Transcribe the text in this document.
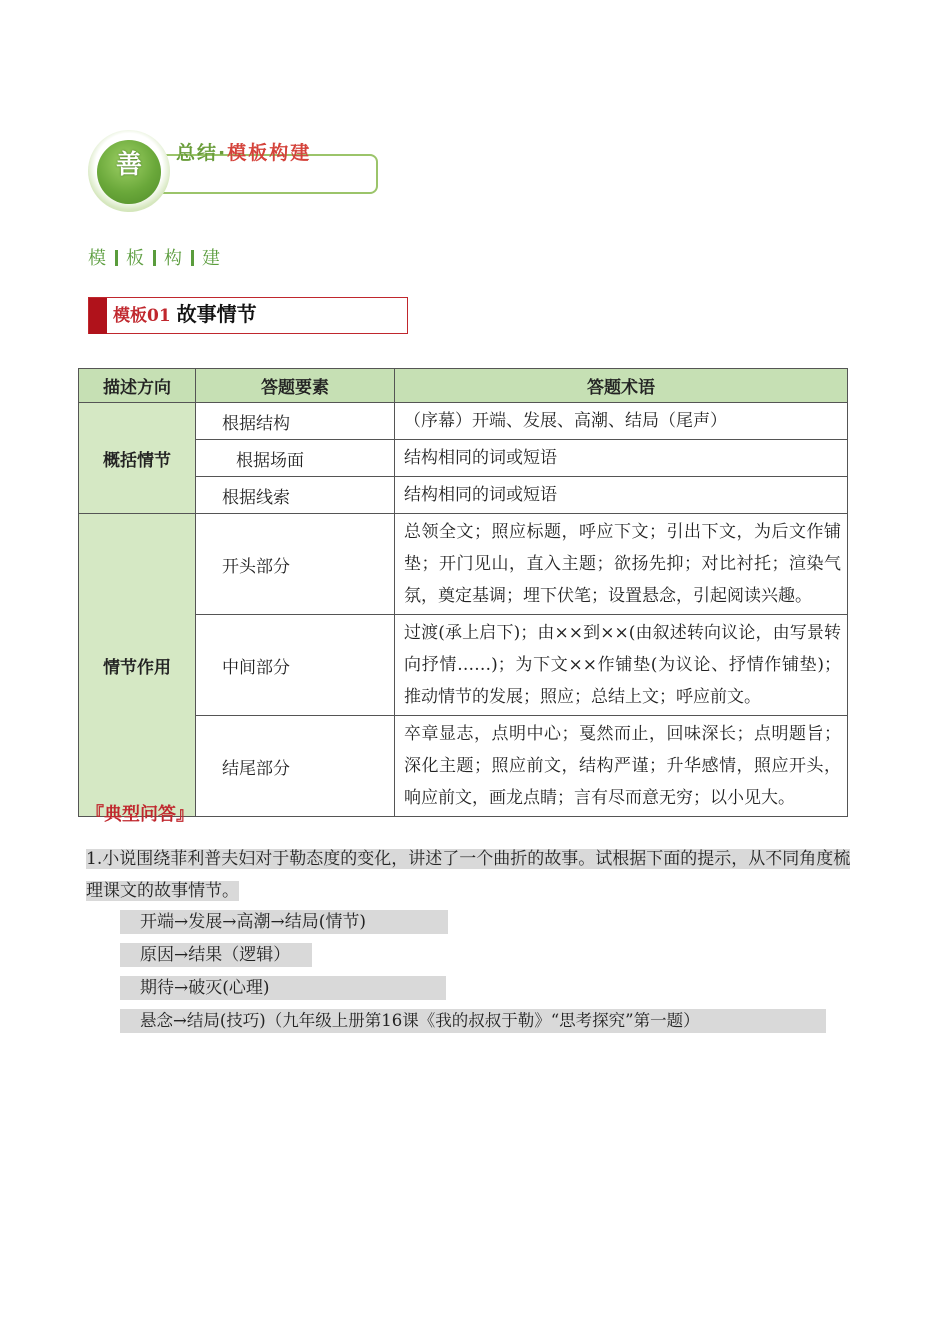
善 总结·模板构建
模 板 构 建
模板01 故事情节
描述方向	答题要素	答题术语
概括情节	根据结构	（序幕）开端、发展、高潮、结局（尾声）
	根据场面	结构相同的词或短语
	根据线索	结构相同的词或短语
情节作用	开头部分	总领全文；照应标题，呼应下文；引出下文，为后文作铺垫；开门见山，直入主题；欲扬先抑；对比衬托；渲染气氛，奠定基调；埋下伏笔；设置悬念，引起阅读兴趣。
	中间部分	过渡(承上启下)；由××到××(由叙述转向议论，由写景转向抒情……)；为下文××作铺垫(为议论、抒情作铺垫)；推动情节的发展；照应；总结上文；呼应前文。
	结尾部分	卒章显志，点明中心；戛然而止，回味深长；点明题旨；深化主题；照应前文，结构严谨；升华感情，照应开头，响应前文，画龙点睛；言有尽而意无穷；以小见大。
『典型问答』
1.小说围绕菲利普夫妇对于勒态度的变化，讲述了一个曲折的故事。试根据下面的提示，从不同角度梳理课文的故事情节。
开端→发展→高潮→结局(情节)
原因→结果（逻辑）
期待→破灭(心理)
悬念→结局(技巧)（九年级上册第16课《我的叔叔于勒》“思考探究”第一题）
